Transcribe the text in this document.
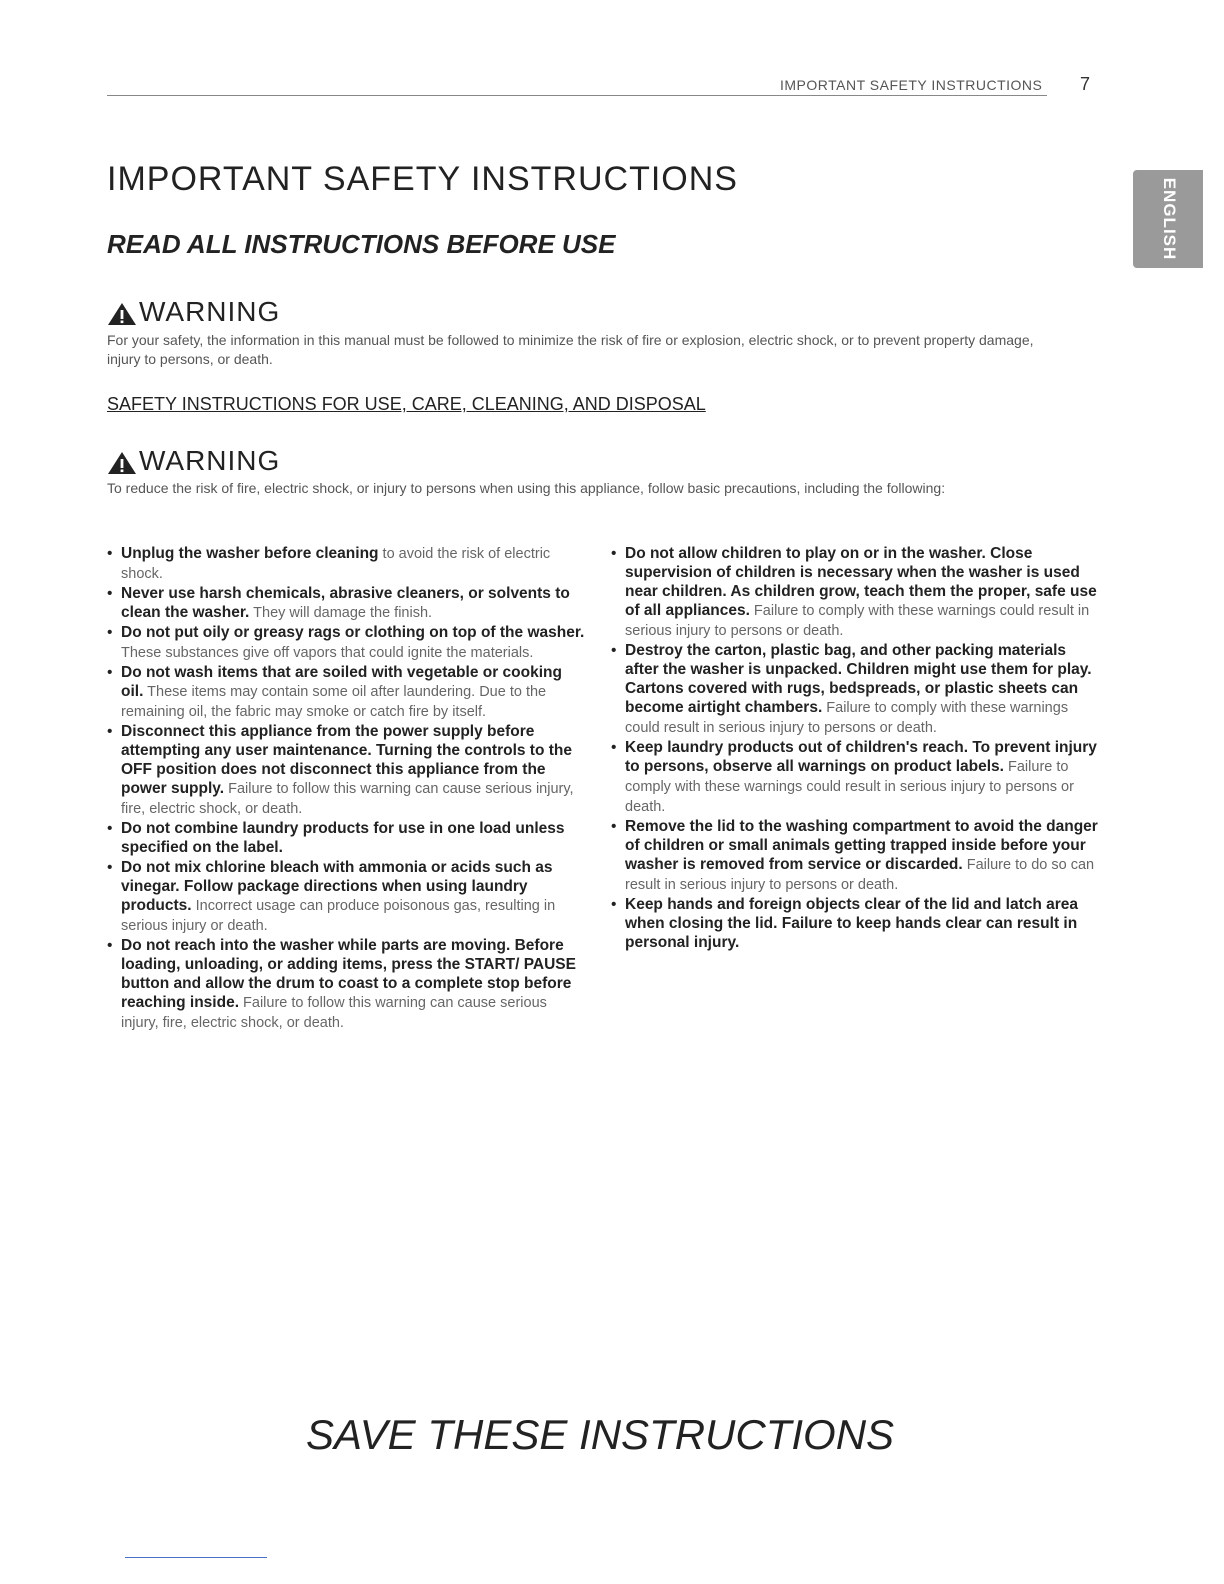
IMPORTANT SAFETY INSTRUCTIONS 7
ENGLISH
IMPORTANT SAFETY INSTRUCTIONS
READ ALL INSTRUCTIONS BEFORE USE
WARNING

For your safety, the information in this manual must be followed to minimize the risk of fire or explosion, electric shock, or to prevent property damage, injury to persons, or death.

SAFETY INSTRUCTIONS FOR USE, CARE, CLEANING, AND DISPOSAL

WARNING

To reduce the risk of fire, electric shock, or injury to persons when using this appliance, follow basic precautions, including the following:

• Unplug the washer before cleaning to avoid the risk of electric shock.
• Never use harsh chemicals, abrasive cleaners, or solvents to clean the washer. They will damage the finish.
• Do not put oily or greasy rags or clothing on top of the washer. These substances give off vapors that could ignite the materials.
• Do not wash items that are soiled with vegetable or cooking oil. These items may contain some oil after laundering. Due to the remaining oil, the fabric may smoke or catch fire by itself.
• Disconnect this appliance from the power supply before attempting any user maintenance. Turning the controls to the OFF position does not disconnect this appliance from the power supply. Failure to follow this warning can cause serious injury, fire, electric shock, or death.
• Do not combine laundry products for use in one load unless specified on the label.
• Do not mix chlorine bleach with ammonia or acids such as vinegar. Follow package directions when using laundry products. Incorrect usage can produce poisonous gas, resulting in serious injury or death.
• Do not reach into the washer while parts are moving. Before loading, unloading, or adding items, press the START/ PAUSE button and allow the drum to coast to a complete stop before reaching inside. Failure to follow this warning can cause serious injury, fire, electric shock, or death.
• Do not allow children to play on or in the washer. Close supervision of children is necessary when the washer is used near children. As children grow, teach them the proper, safe use of all appliances. Failure to comply with these warnings could result in serious injury to persons or death.
• Destroy the carton, plastic bag, and other packing materials after the washer is unpacked. Children might use them for play. Cartons covered with rugs, bedspreads, or plastic sheets can become airtight chambers. Failure to comply with these warnings could result in serious injury to persons or death.
• Keep laundry products out of children's reach. To prevent injury to persons, observe all warnings on product labels. Failure to comply with these warnings could result in serious injury to persons or death.
• Remove the lid to the washing compartment to avoid the danger of children or small animals getting trapped inside before your washer is removed from service or discarded. Failure to do so can result in serious injury to persons or death.
• Keep hands and foreign objects clear of the lid and latch area when closing the lid. Failure to keep hands clear can result in personal injury.
SAVE THESE INSTRUCTIONS
